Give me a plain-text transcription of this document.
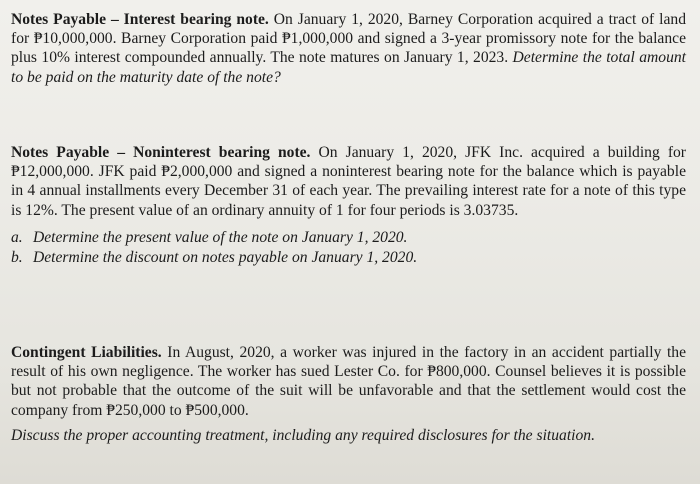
Notes Payable – Interest bearing note. On January 1, 2020, Barney Corporation acquired a tract of land for ₱10,000,000. Barney Corporation paid ₱1,000,000 and signed a 3-year promissory note for the balance plus 10% interest compounded annually. The note matures on January 1, 2023. Determine the total amount to be paid on the maturity date of the note?

Notes Payable – Noninterest bearing note. On January 1, 2020, JFK Inc. acquired a building for ₱12,000,000. JFK paid ₱2,000,000 and signed a noninterest bearing note for the balance which is payable in 4 annual installments every December 31 of each year. The prevailing interest rate for a note of this type is 12%. The present value of an ordinary annuity of 1 for four periods is 3.03735.

a. Determine the present value of the note on January 1, 2020.

b. Determine the discount on notes payable on January 1, 2020.

Contingent Liabilities. In August, 2020, a worker was injured in the factory in an accident partially the result of his own negligence. The worker has sued Lester Co. for ₱800,000. Counsel believes it is possible but not probable that the outcome of the suit will be unfavorable and that the settlement would cost the company from ₱250,000 to ₱500,000.

Discuss the proper accounting treatment, including any required disclosures for the situation.
